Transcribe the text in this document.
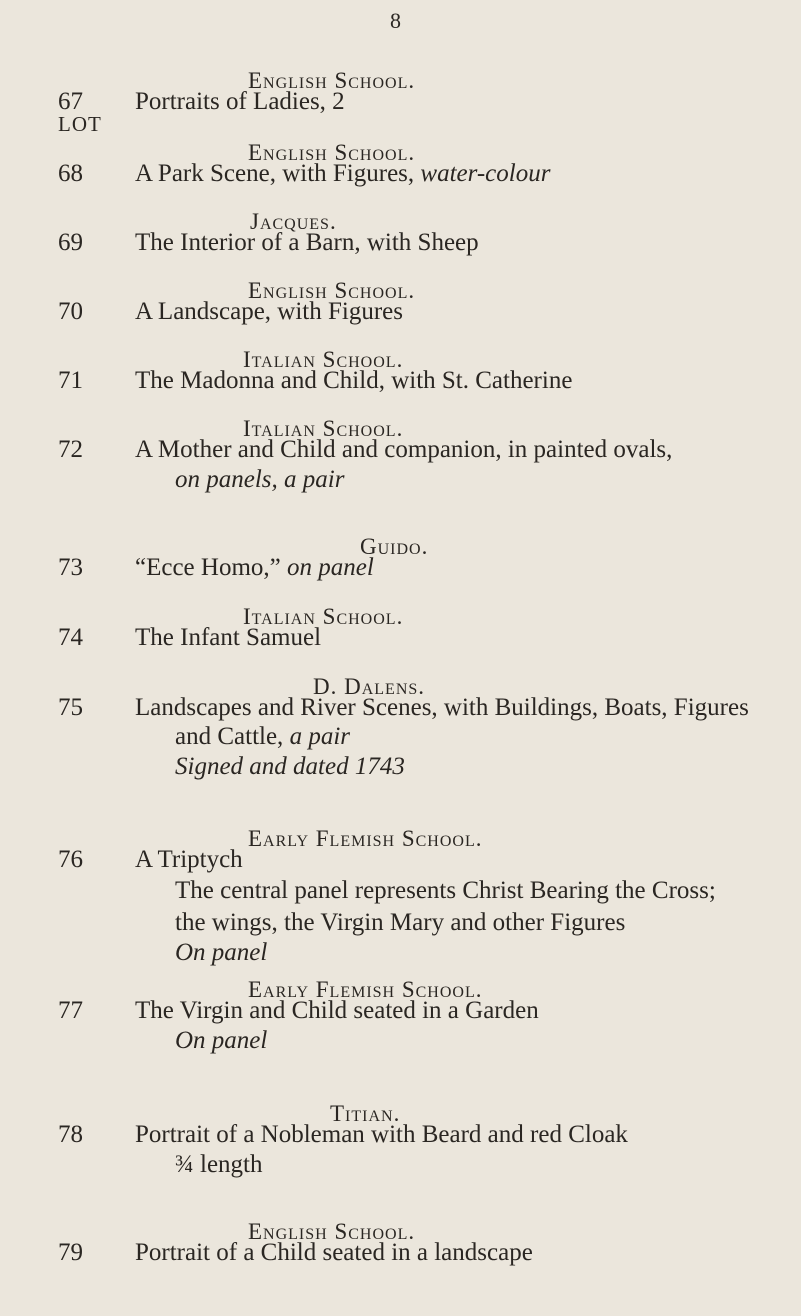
8
LOT
67
English School.
Portraits of Ladies, 2
68
English School.
A Park Scene, with Figures, water-colour
69
Jacques.
The Interior of a Barn, with Sheep
70
English School.
A Landscape, with Figures
71
Italian School.
The Madonna and Child, with St. Catherine
72
Italian School.
A Mother and Child and companion, in painted ovals,
on panels, a pair
73
Guido.
“Ecce Homo,” on panel
74
Italian School.
The Infant Samuel
75
D. Dalens.
Landscapes and River Scenes, with Buildings, Boats, Figures
and Cattle, a pair
Signed and dated 1743
76
Early Flemish School.
A Triptych
The central panel represents Christ Bearing the Cross;
the wings, the Virgin Mary and other Figures
On panel
77
Early Flemish School.
The Virgin and Child seated in a Garden
On panel
78
Titian.
Portrait of a Nobleman with Beard and red Cloak
¾ length
79
English School.
Portrait of a Child seated in a landscape
